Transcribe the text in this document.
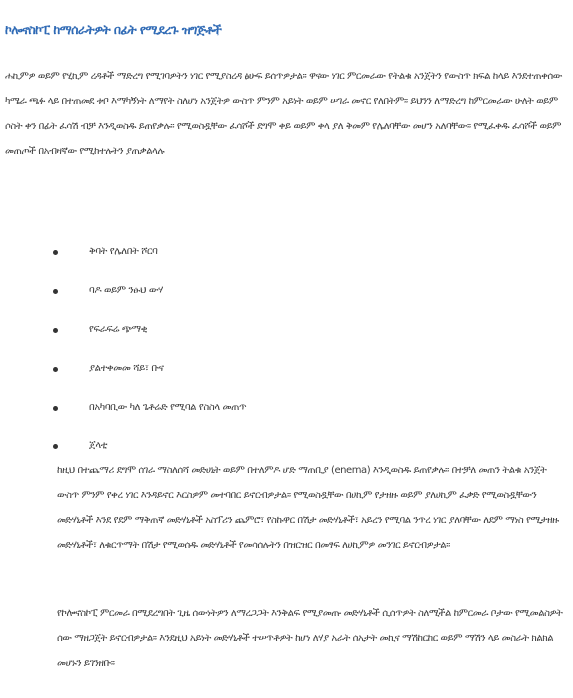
ኮሎኖስኮፒ ከማሰራትዎት በፊት የሚደረጉ ዝግጅቶች

ሐኪምዎ ወይም የሂኪም ረዳቶች ማድረግ የሚገባዎትን ነገር የሚያስረዳ ፅሁፍ ይሰጥዎታል፡፡ ዋናው ነገር ምርመራው የትልቁ አንጀትን የውስጥ ክፍል ከላይ እንደተጠቀሰው ካሜራ ጫፉ ላይ በተጠመደ ቱቦ እማካኝነት ለማየት ስለሆነ አንጀትዎ ውስጥ ምንም አይነት ወይም ሠገራ መኖር የለበትም፡፡ ይህንን ለማድረግ ከምርመራው ሁለት ወይም ሶስት ቀን በፊት ፈሳሽ ብቻ እንዲወስዱ ይጠየቃሉ፡፡ የሚወስዷቸው ፈሳሾች ደግሞ ቀይ ወይም ቀላ ያለ ቅመም የሌለባቸው መሆን አለባቸው፡፡ የሚፈቀዱ ፈሳሾች ወይም መጠጦች በአብዛኛው የሚከተሉትን ያጠቃልላሉ

ቅባት የሌለበት ሾርባ
ባዶ ወይም ንፁህ ውሃ
የፍራፍሬ ጭማቂ
ያልተቀመመ ሻይ፣ ቡና
በአካባቢው ካለ ጌቶሬድ የሚባል የስስላ መጠጥ
ጀላቲ

ከዚህ በተጨማሪ ደግሞ ሰገራ ማስለሰሻ መድሀኒት ወይም በተለምዶ ሆድ ማጠቢያ (enema) እንዲወስዱ ይጠየቃሉ፡፡ በተቻለ መጠን ትልቁ አንጀት ውስጥ ምንም የቀረ ነገር እንዳይኖር እርስዎም መተባበር ይኖርብዎታል፡፡ የሚወስዷቸው በሀኪም የታዘዙ ወይም ያለሀኪም ፈቃድ የሚወስዷቸውን መድሃኒቶች እንደ የደም ማቅጠኛ መድሃኒቶች አስፕሪን ጨምሮ፣ የስኩዋር በሽታ መድሃኒቶች፣ አይረን የሚባል ንጥረ ነገር ያለባቸው ለደም ማነስ የሚታዘዙ መድሃኒቶች፣ ለቁርጥማት በሽታ የሚወሰዱ መድሃኒቶች የመሳሰሉትን በዝርዝር በመፃፍ ለሀኪምዎ መንገር ይኖርብዎታል፡፡

የኮሎኖስኮፒ ምርመራ በሚደረግበት ጊዜ ሰውነትዎን ለማረጋጋት እንቅልፍ የሚያመጡ መድሃኒቶች ሲሰጥዎት ስለሚችል ከምርመራ ቦታው የሚመልስዎት ሰው ማዘጋጀት ይኖርብዎታል፡፡ እንደዚህ አይነት መድሃኒቶች ተሠጥቶዎት ከሆነ ለሃያ አራት ሰአታት መኪና ማሽከርከር ወይም ማሽን ላይ መስራት ክልክል መሆኑን ይገንዘቡ፡፡
